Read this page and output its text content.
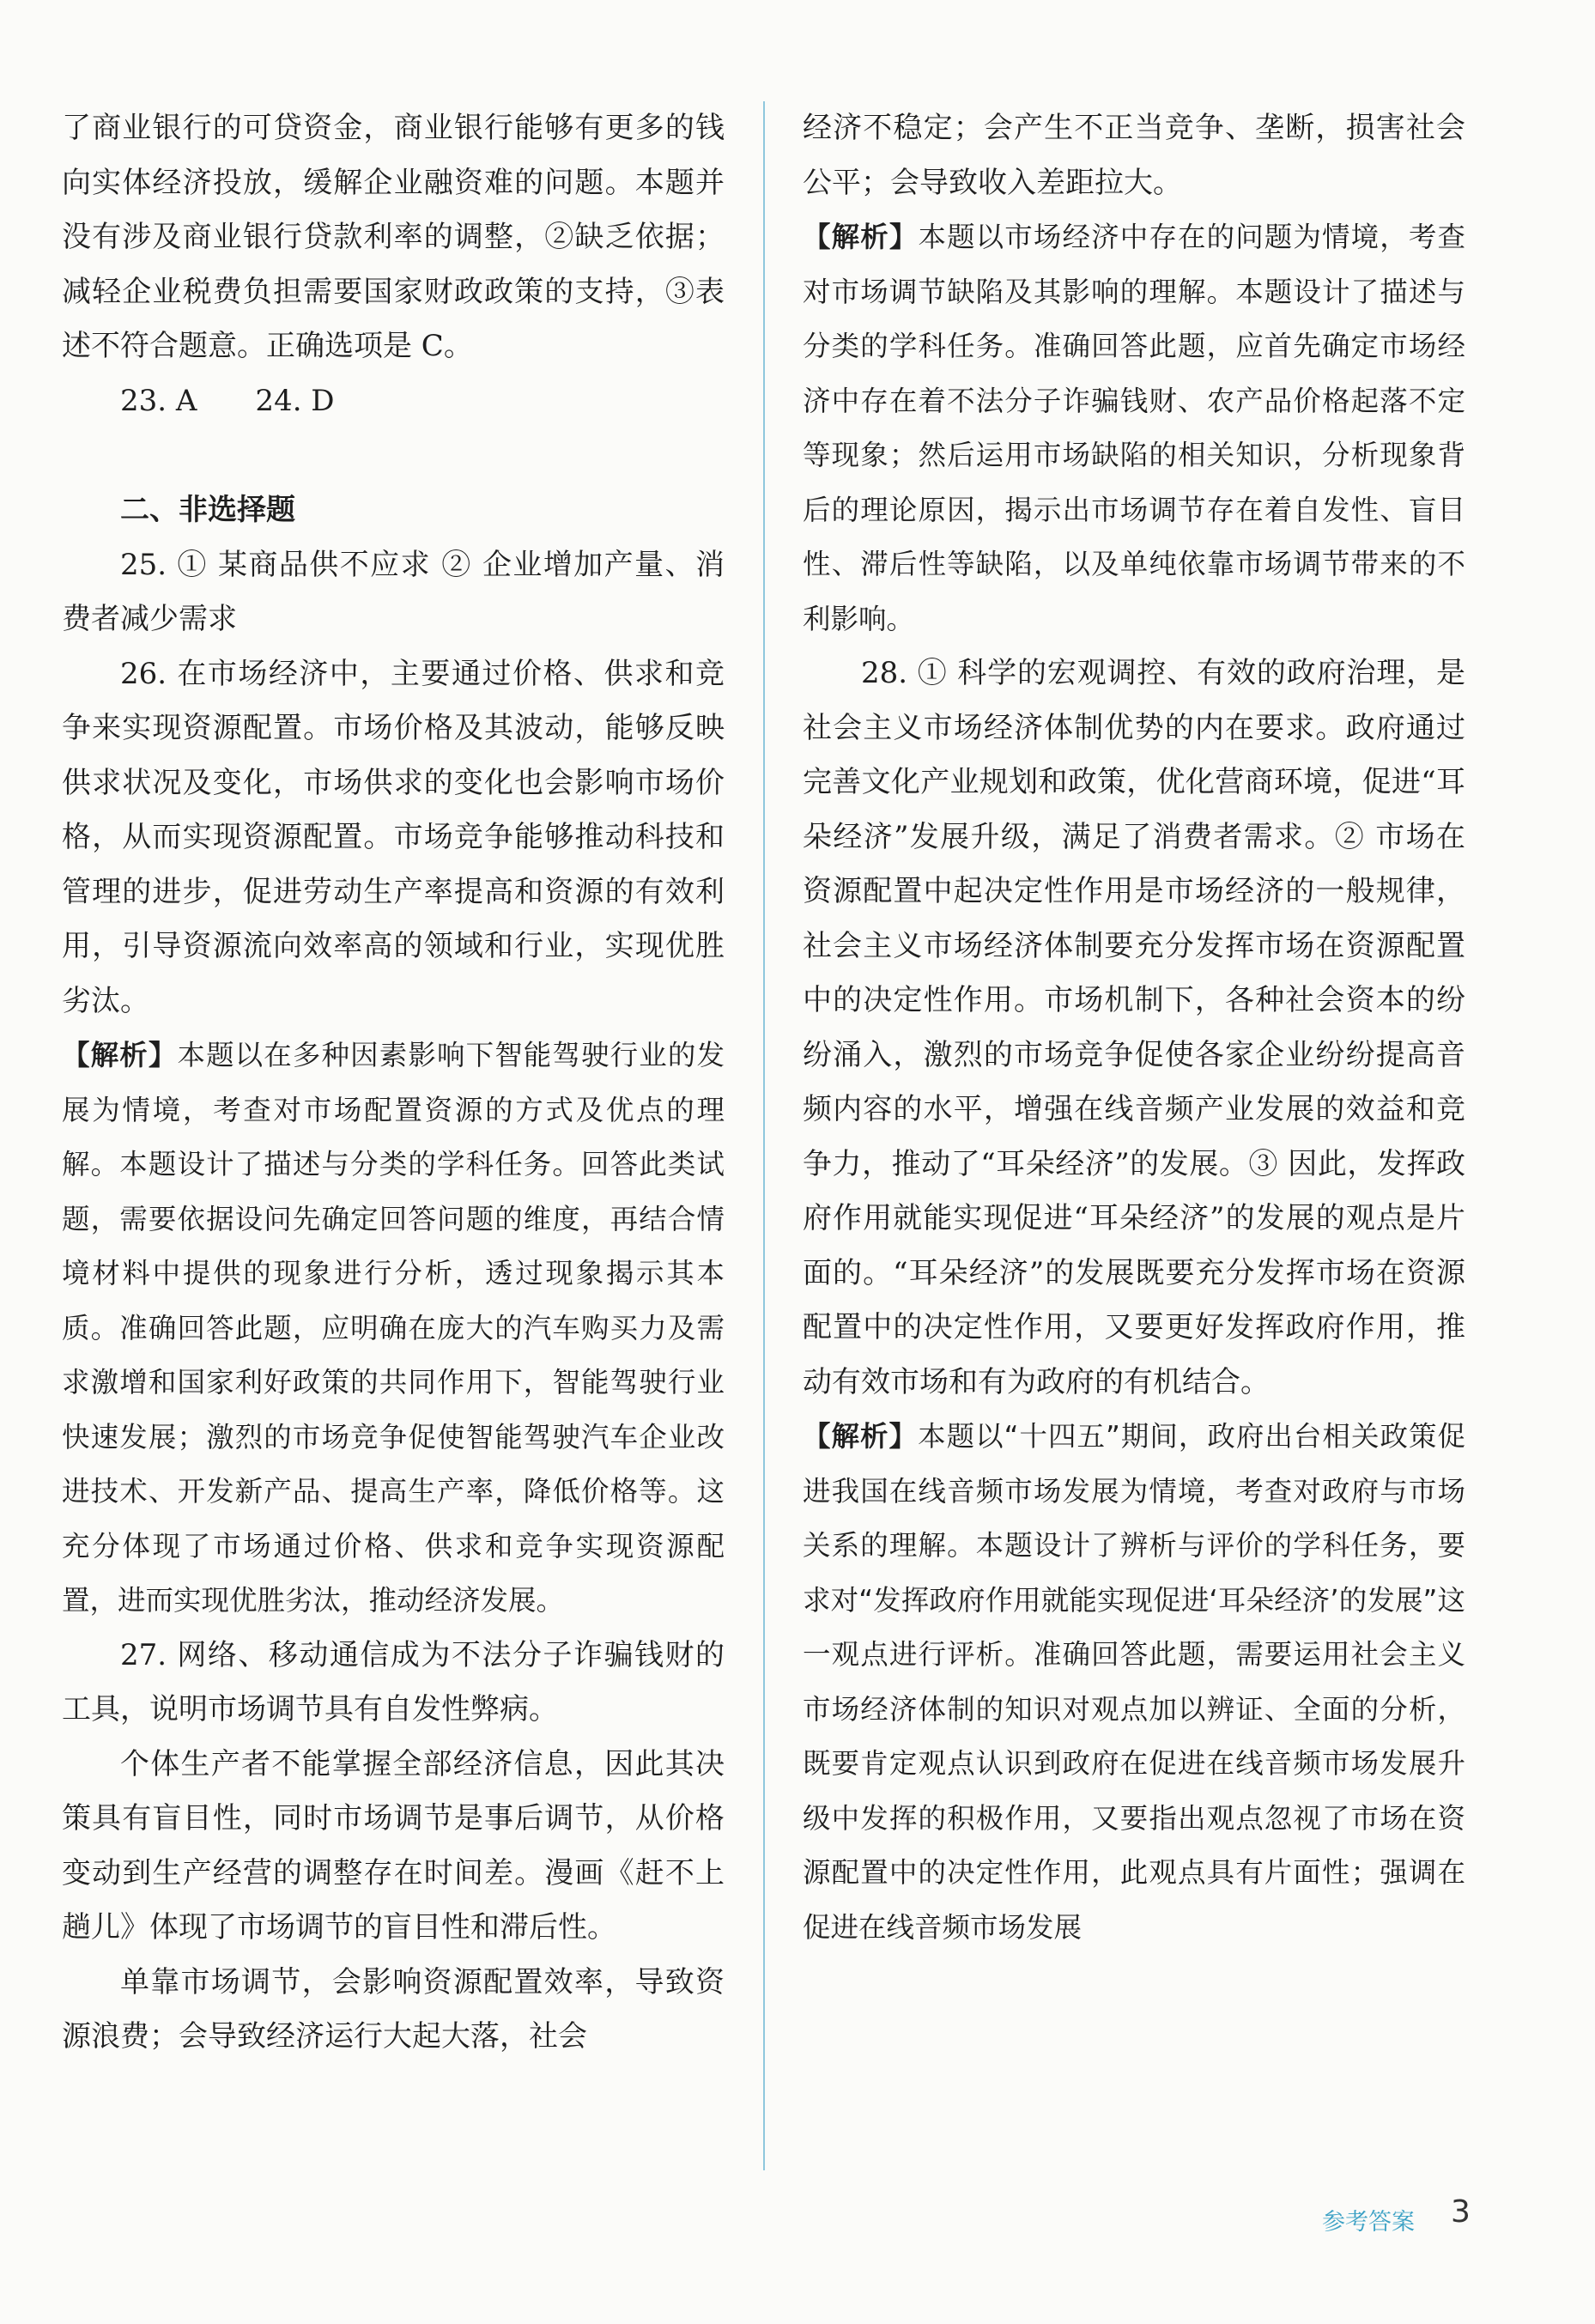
了商业银行的可贷资金，商业银行能够有更多的钱向实体经济投放，缓解企业融资难的问题。本题并没有涉及商业银行贷款利率的调整，②缺乏依据；减轻企业税费负担需要国家财政政策的支持，③表述不符合题意。正确选项是 C。

23. A　　24. D

二、非选择题

25. ① 某商品供不应求 ② 企业增加产量、消费者减少需求

26. 在市场经济中，主要通过价格、供求和竞争来实现资源配置。市场价格及其波动，能够反映供求状况及变化，市场供求的变化也会影响市场价格，从而实现资源配置。市场竞争能够推动科技和管理的进步，促进劳动生产率提高和资源的有效利用，引导资源流向效率高的领域和行业，实现优胜劣汰。

【解析】本题以在多种因素影响下智能驾驶行业的发展为情境，考查对市场配置资源的方式及优点的理解。本题设计了描述与分类的学科任务。回答此类试题，需要依据设问先确定回答问题的维度，再结合情境材料中提供的现象进行分析，透过现象揭示其本质。准确回答此题，应明确在庞大的汽车购买力及需求激增和国家利好政策的共同作用下，智能驾驶行业快速发展；激烈的市场竞争促使智能驾驶汽车企业改进技术、开发新产品、提高生产率，降低价格等。这充分体现了市场通过价格、供求和竞争实现资源配置，进而实现优胜劣汰，推动经济发展。

27. 网络、移动通信成为不法分子诈骗钱财的工具，说明市场调节具有自发性弊病。

个体生产者不能掌握全部经济信息，因此其决策具有盲目性，同时市场调节是事后调节，从价格变动到生产经营的调整存在时间差。漫画《赶不上趟儿》体现了市场调节的盲目性和滞后性。

单靠市场调节，会影响资源配置效率，导致资源浪费；会导致经济运行大起大落，社会

经济不稳定；会产生不正当竞争、垄断，损害社会公平；会导致收入差距拉大。

【解析】本题以市场经济中存在的问题为情境，考查对市场调节缺陷及其影响的理解。本题设计了描述与分类的学科任务。准确回答此题，应首先确定市场经济中存在着不法分子诈骗钱财、农产品价格起落不定等现象；然后运用市场缺陷的相关知识，分析现象背后的理论原因，揭示出市场调节存在着自发性、盲目性、滞后性等缺陷，以及单纯依靠市场调节带来的不利影响。

28. ① 科学的宏观调控、有效的政府治理，是社会主义市场经济体制优势的内在要求。政府通过完善文化产业规划和政策，优化营商环境，促进“耳朵经济”发展升级，满足了消费者需求。② 市场在资源配置中起决定性作用是市场经济的一般规律，社会主义市场经济体制要充分发挥市场在资源配置中的决定性作用。市场机制下，各种社会资本的纷纷涌入，激烈的市场竞争促使各家企业纷纷提高音频内容的水平，增强在线音频产业发展的效益和竞争力，推动了“耳朵经济”的发展。③ 因此，发挥政府作用就能实现促进“耳朵经济”的发展的观点是片面的。“耳朵经济”的发展既要充分发挥市场在资源配置中的决定性作用，又要更好发挥政府作用，推动有效市场和有为政府的有机结合。

【解析】本题以“十四五”期间，政府出台相关政策促进我国在线音频市场发展为情境，考查对政府与市场关系的理解。本题设计了辨析与评价的学科任务，要求对“发挥政府作用就能实现促进‘耳朵经济’的发展”这一观点进行评析。准确回答此题，需要运用社会主义市场经济体制的知识对观点加以辨证、全面的分析，既要肯定观点认识到政府在促进在线音频市场发展升级中发挥的积极作用，又要指出观点忽视了市场在资源配置中的决定性作用，此观点具有片面性；强调在促进在线音频市场发展

参考答案 3
